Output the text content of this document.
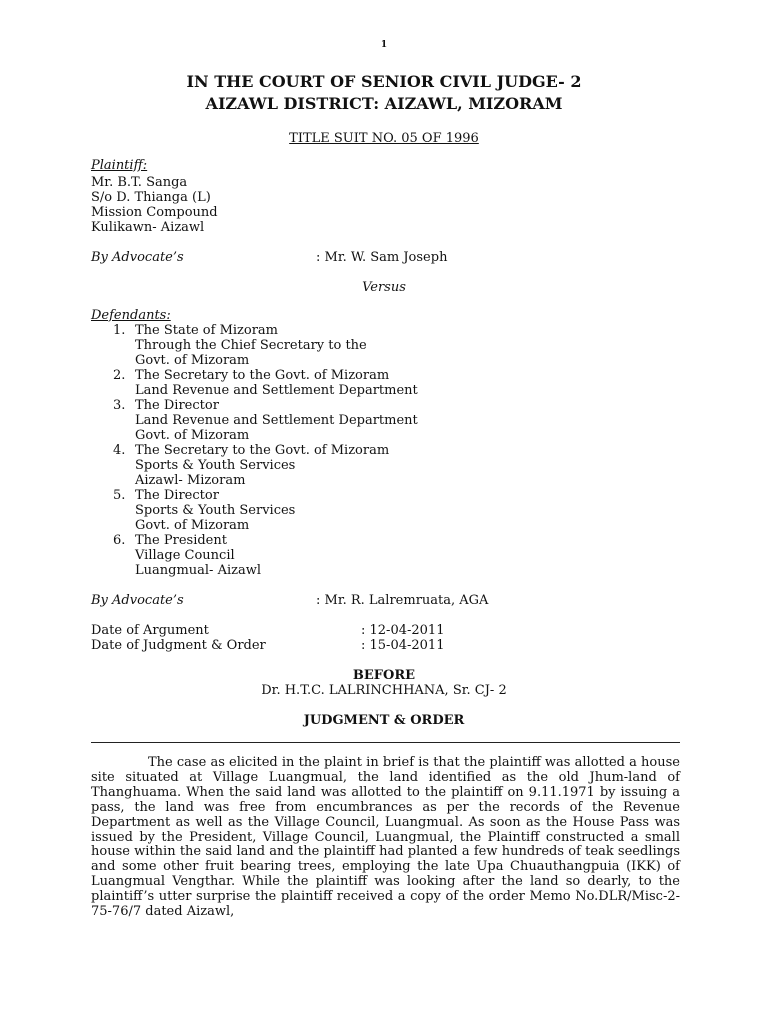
1
IN THE COURT OF SENIOR CIVIL JUDGE- 2
AIZAWL DISTRICT: AIZAWL, MIZORAM
TITLE SUIT NO. 05 OF 1996
Plaintiff:
Mr. B.T. Sanga
S/o D. Thianga (L)
Mission Compound
Kulikawn- Aizawl
By Advocate’s	: Mr. W. Sam Joseph
Versus
Defendants:
1. The State of Mizoram
Through the Chief Secretary to the
Govt. of Mizoram
2. The Secretary to the Govt. of Mizoram
Land Revenue and Settlement Department
3. The Director
Land Revenue and Settlement Department
Govt. of Mizoram
4. The Secretary to the Govt. of Mizoram
Sports & Youth Services
Aizawl- Mizoram
5. The Director
Sports & Youth Services
Govt. of Mizoram
6. The President
Village Council
Luangmual- Aizawl
By Advocate’s	: Mr. R. Lalremruata, AGA
Date of Argument	: 12-04-2011
Date of Judgment & Order	: 15-04-2011
BEFORE
Dr. H.T.C. LALRINCHHANA, Sr. CJ- 2
JUDGMENT & ORDER
The case as elicited in the plaint in brief is that the plaintiff was allotted a house site situated at Village Luangmual, the land identified as the old Jhum-land of Thanghuama. When the said land was allotted to the plaintiff on 9.11.1971 by issuing a pass, the land was free from encumbrances as per the records of the Revenue Department as well as the Village Council, Luangmual. As soon as the House Pass was issued by the President, Village Council, Luangmual, the Plaintiff constructed a small house within the said land and the plaintiff had planted a few hundreds of teak seedlings and some other fruit bearing trees, employing the late Upa Chuauthangpuia (IKK) of Luangmual Vengthar. While the plaintiff was looking after the land so dearly, to the plaintiff’s utter surprise the plaintiff received a copy of the order Memo No.DLR/Misc-2-75-76/7 dated Aizawl,
